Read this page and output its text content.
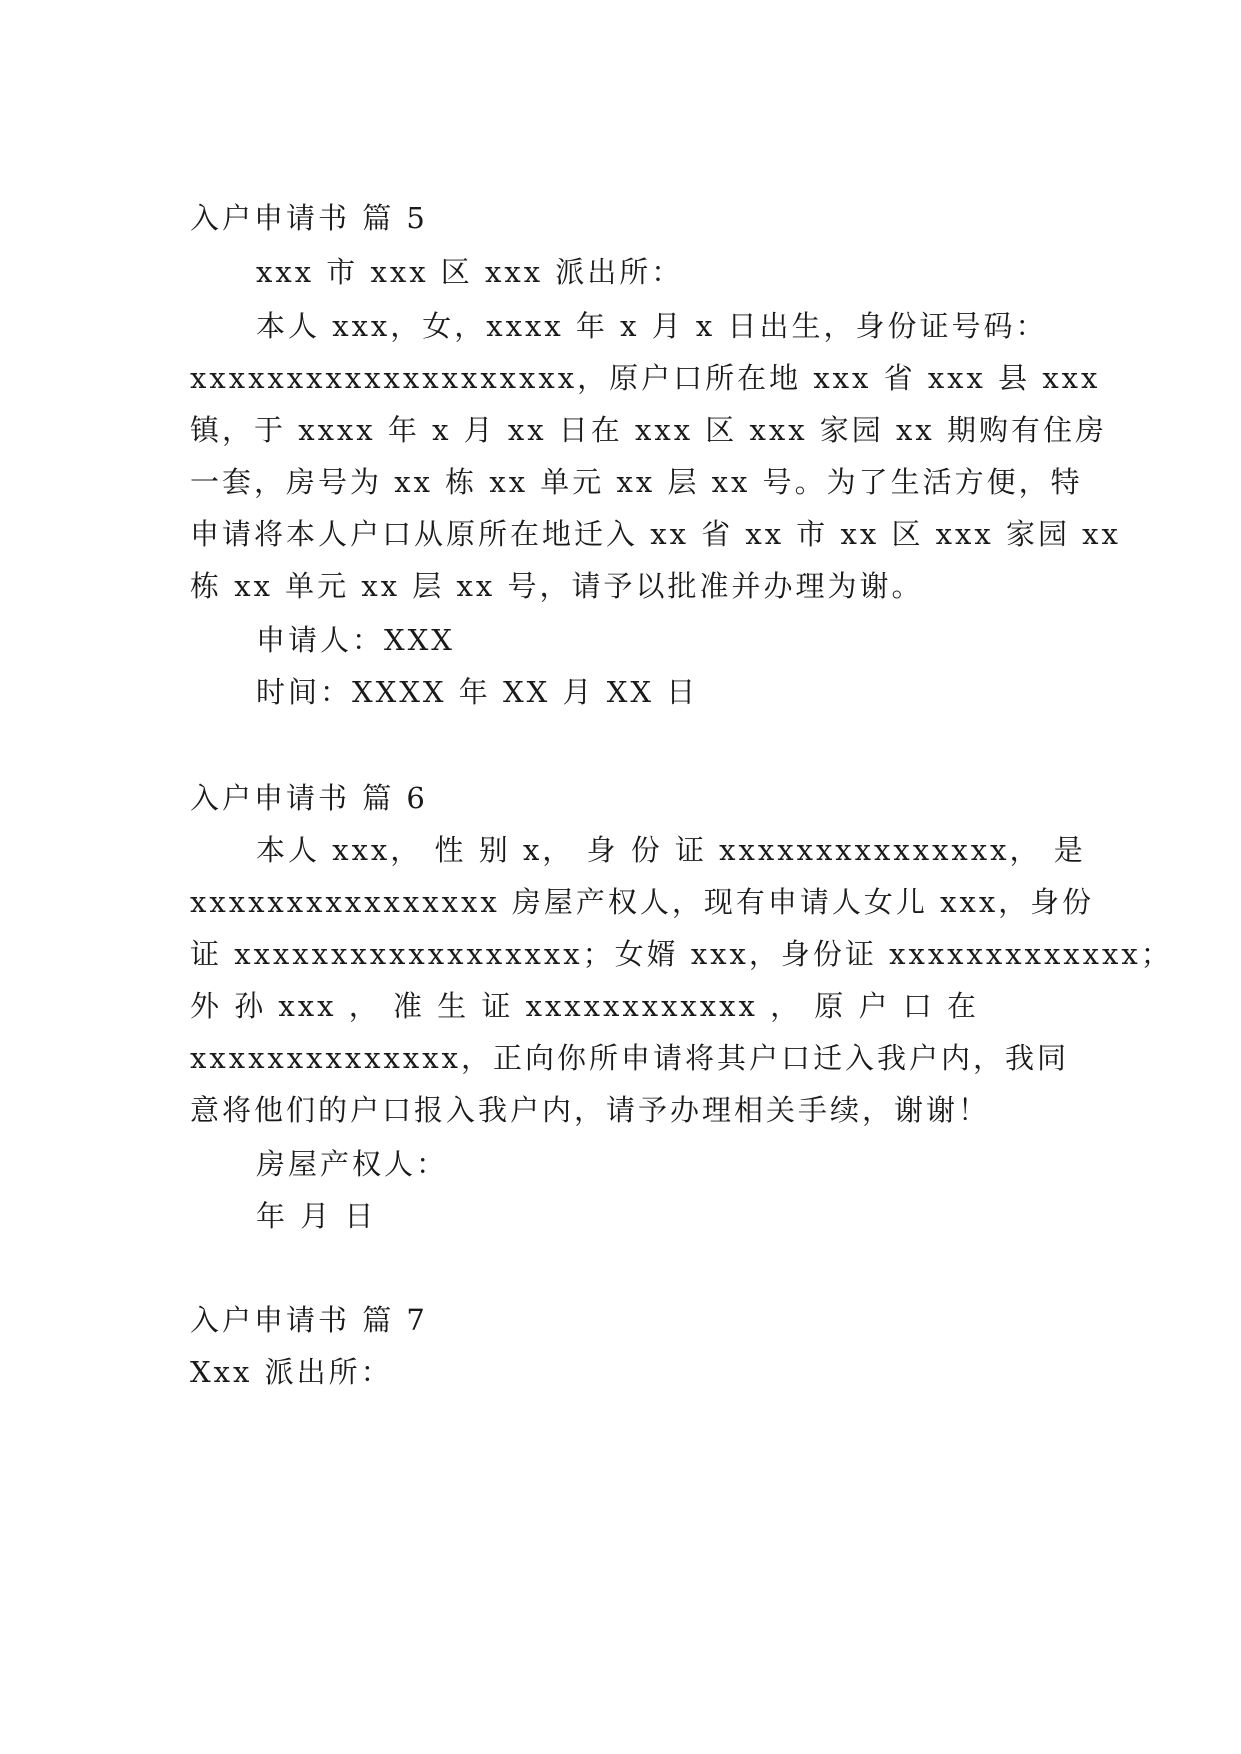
入户申请书 篇 5
xxx 市 xxx 区 xxx 派出所：
本人 xxx，女，xxxx 年 x 月 x 日出生，身份证号码：
xxxxxxxxxxxxxxxxxxxx，原户口所在地 xxx 省 xxx 县 xxx
镇，于 xxxx 年 x 月 xx 日在 xxx 区 xxx 家园 xx 期购有住房
一套，房号为 xx 栋 xx 单元 xx 层 xx 号。为了生活方便，特
申请将本人户口从原所在地迁入 xx 省 xx 市 xx 区 xxx 家园 xx
栋 xx 单元 xx 层 xx 号，请予以批准并办理为谢。
申请人：XXX
时间：XXXX 年 XX 月 XX 日
入户申请书 篇 6
本人 xxx， 性 别 x， 身 份 证 xxxxxxxxxxxxxxx， 是
xxxxxxxxxxxxxxxx 房屋产权人，现有申请人女儿 xxx，身份
证 xxxxxxxxxxxxxxxxxx；女婿 xxx，身份证 xxxxxxxxxxxxx；
外 孙 xxx ， 准 生 证 xxxxxxxxxxxx ， 原 户 口 在
xxxxxxxxxxxxxx，正向你所申请将其户口迁入我户内，我同
意将他们的户口报入我户内，请予办理相关手续，谢谢！
房屋产权人：
年 月 日
入户申请书 篇 7
Xxx 派出所：
